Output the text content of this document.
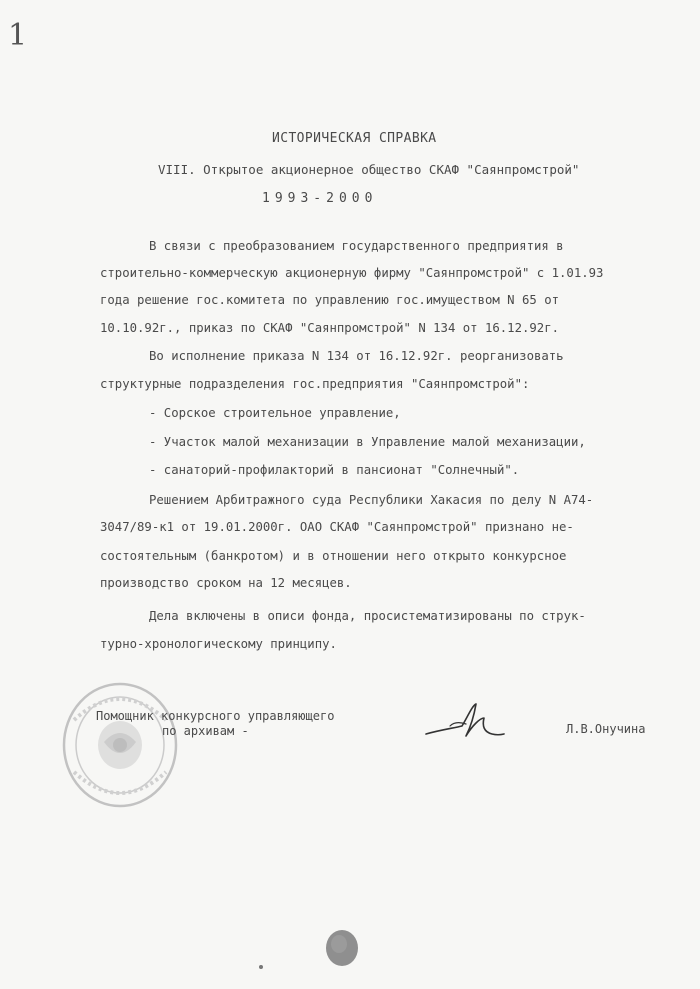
1
ИСТОРИЧЕСКАЯ СПРАВКА
VIII. Открытое акционерное общество СКАФ "Саянпромстрой"
1993-2000
В связи с преобразованием государственного предприятия в
строительно-коммерческую акционерную фирму "Саянпромстрой" с 1.01.93
года решение гос.комитета по управлению гос.имуществом N 65 от
10.10.92г., приказ по СКАФ "Саянпромстрой" N 134 от 16.12.92г.
Во исполнение приказа N 134 от 16.12.92г. реорганизовать
структурные подразделения гос.предприятия "Саянпромстрой":
- Сорское строительное управление,
- Участок малой механизации в Управление малой механизации,
- санаторий-профилакторий в пансионат "Солнечный".
Решением Арбитражного суда Республики Хакасия по делу N А74-
3047/89-к1 от 19.01.2000г. ОАО СКАФ "Саянпромстрой" признано не-
состоятельным (банкротом) и в отношении него открыто конкурсное
производство сроком на 12 месяцев.
Дела включены в описи фонда, просистематизированы по струк-
турно-хронологическому принципу.
Помощник конкурсного управляющего
по архивам -	Л.В.Онучина
